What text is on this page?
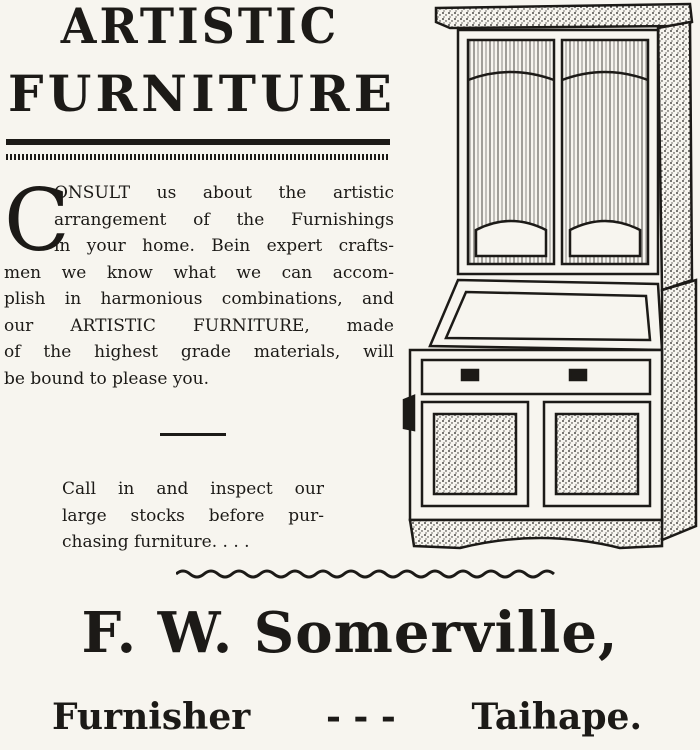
ARTISTIC
F U R N I T U R E
C
ONSULT us about the artistic
arrangement of the Furnishings
in your home. Bein expert crafts-
men we know what we can accom-
plish in harmonious combinations, and
our ARTISTIC FURNITURE, made
of the highest grade materials, will
be bound to please you.
Call in and inspect our
large stocks before pur-
chasing furniture. . . .
F. W. Somerville,
Furnisher - - - Taihape.
